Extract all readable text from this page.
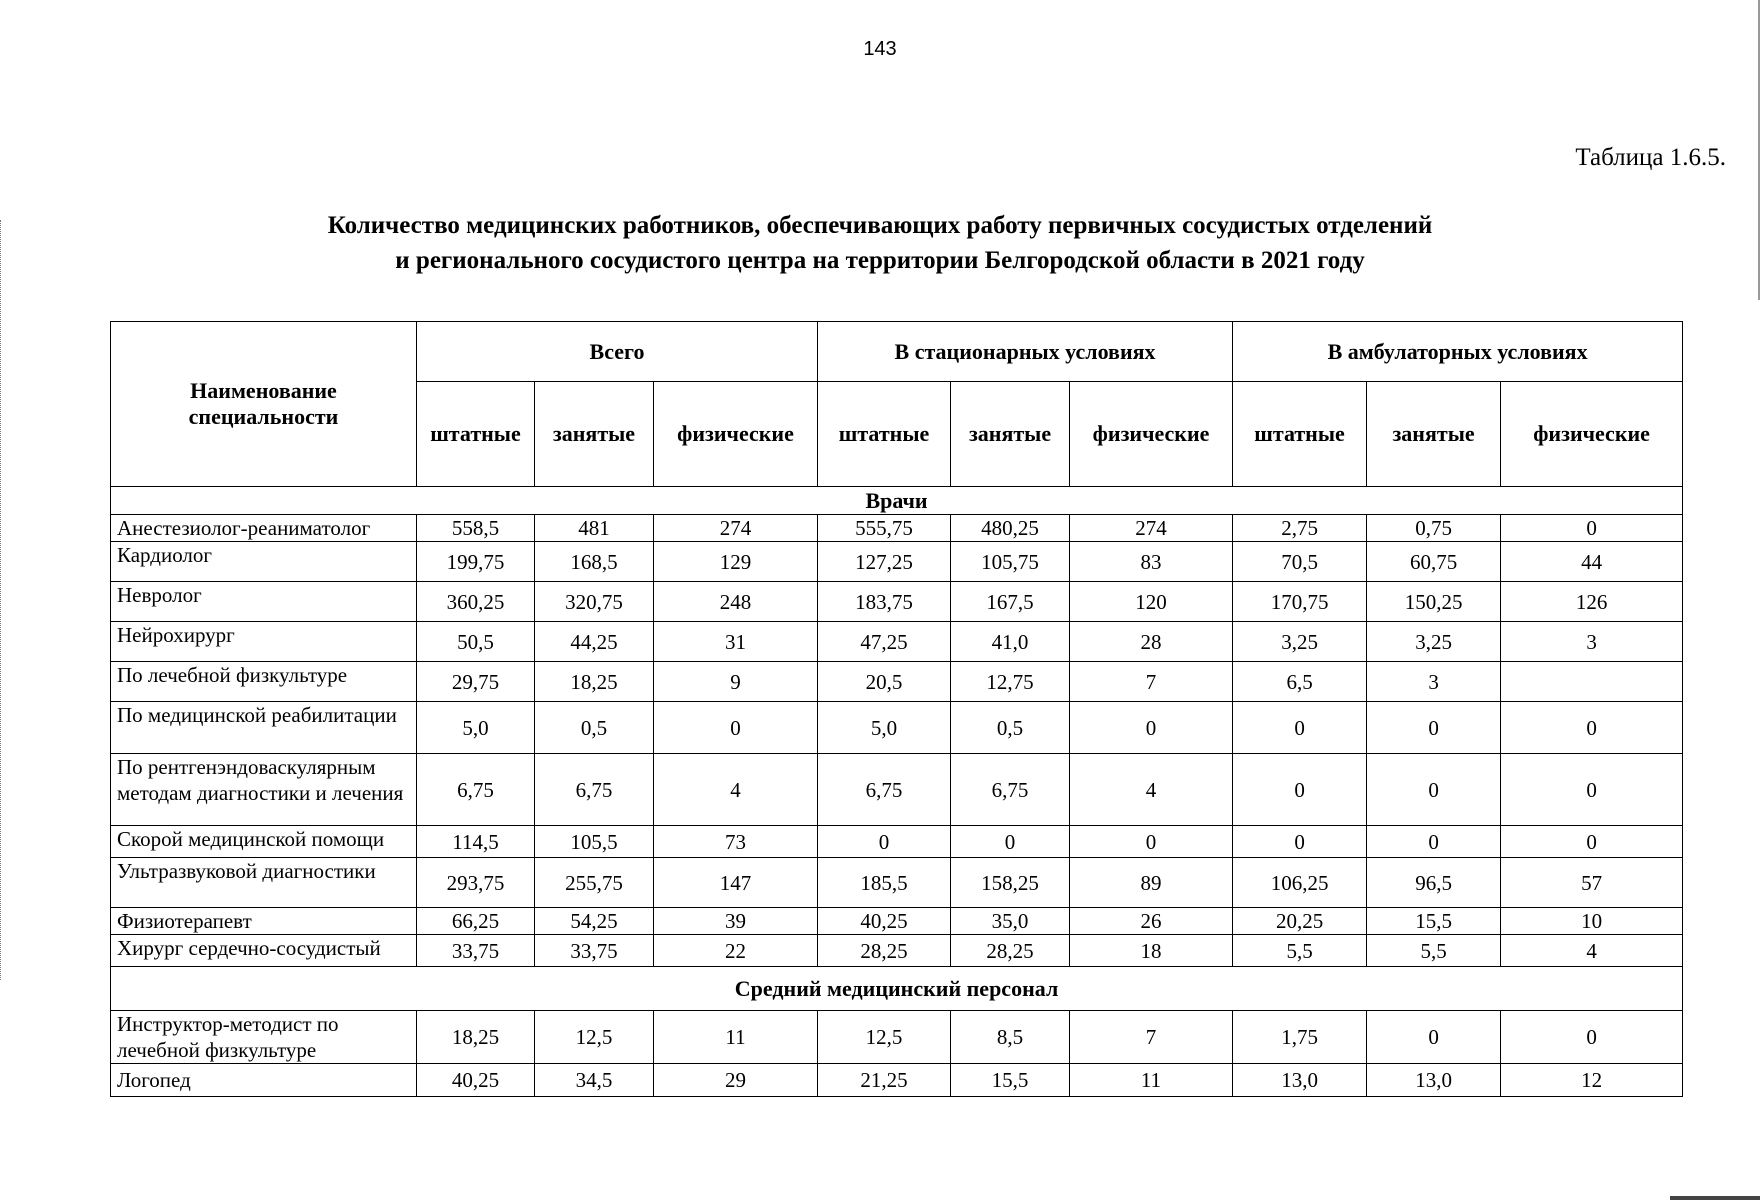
143
Таблица 1.6.5.
Количество медицинских работников, обеспечивающих работу первичных сосудистых отделений
и регионального сосудистого центра на территории Белгородской области в 2021 году
Наименование специальности	Всего			В стационарных условиях			В амбулаторных условиях		
	штатные	занятые	физические	штатные	занятые	физические	штатные	занятые	физические
Врачи									
Анестезиолог-реаниматолог	558,5	481	274	555,75	480,25	274	2,75	0,75	0
Кардиолог	199,75	168,5	129	127,25	105,75	83	70,5	60,75	44
Невролог	360,25	320,75	248	183,75	167,5	120	170,75	150,25	126
Нейрохирург	50,5	44,25	31	47,25	41,0	28	3,25	3,25	3
По лечебной физкультуре	29,75	18,25	9	20,5	12,75	7	6,5	3	
По медицинской реабилитации	5,0	0,5	0	5,0	0,5	0	0	0	0
По рентгенэндоваскулярным методам диагностики и лечения	6,75	6,75	4	6,75	6,75	4	0	0	0
Скорой медицинской помощи	114,5	105,5	73	0	0	0	0	0	0
Ультразвуковой диагностики	293,75	255,75	147	185,5	158,25	89	106,25	96,5	57
Физиотерапевт	66,25	54,25	39	40,25	35,0	26	20,25	15,5	10
Хирург сердечно-сосудистый	33,75	33,75	22	28,25	28,25	18	5,5	5,5	4
Средний медицинский персонал									
Инструктор-методист по лечебной физкультуре	18,25	12,5	11	12,5	8,5	7	1,75	0	0
Логопед	40,25	34,5	29	21,25	15,5	11	13,0	13,0	12
